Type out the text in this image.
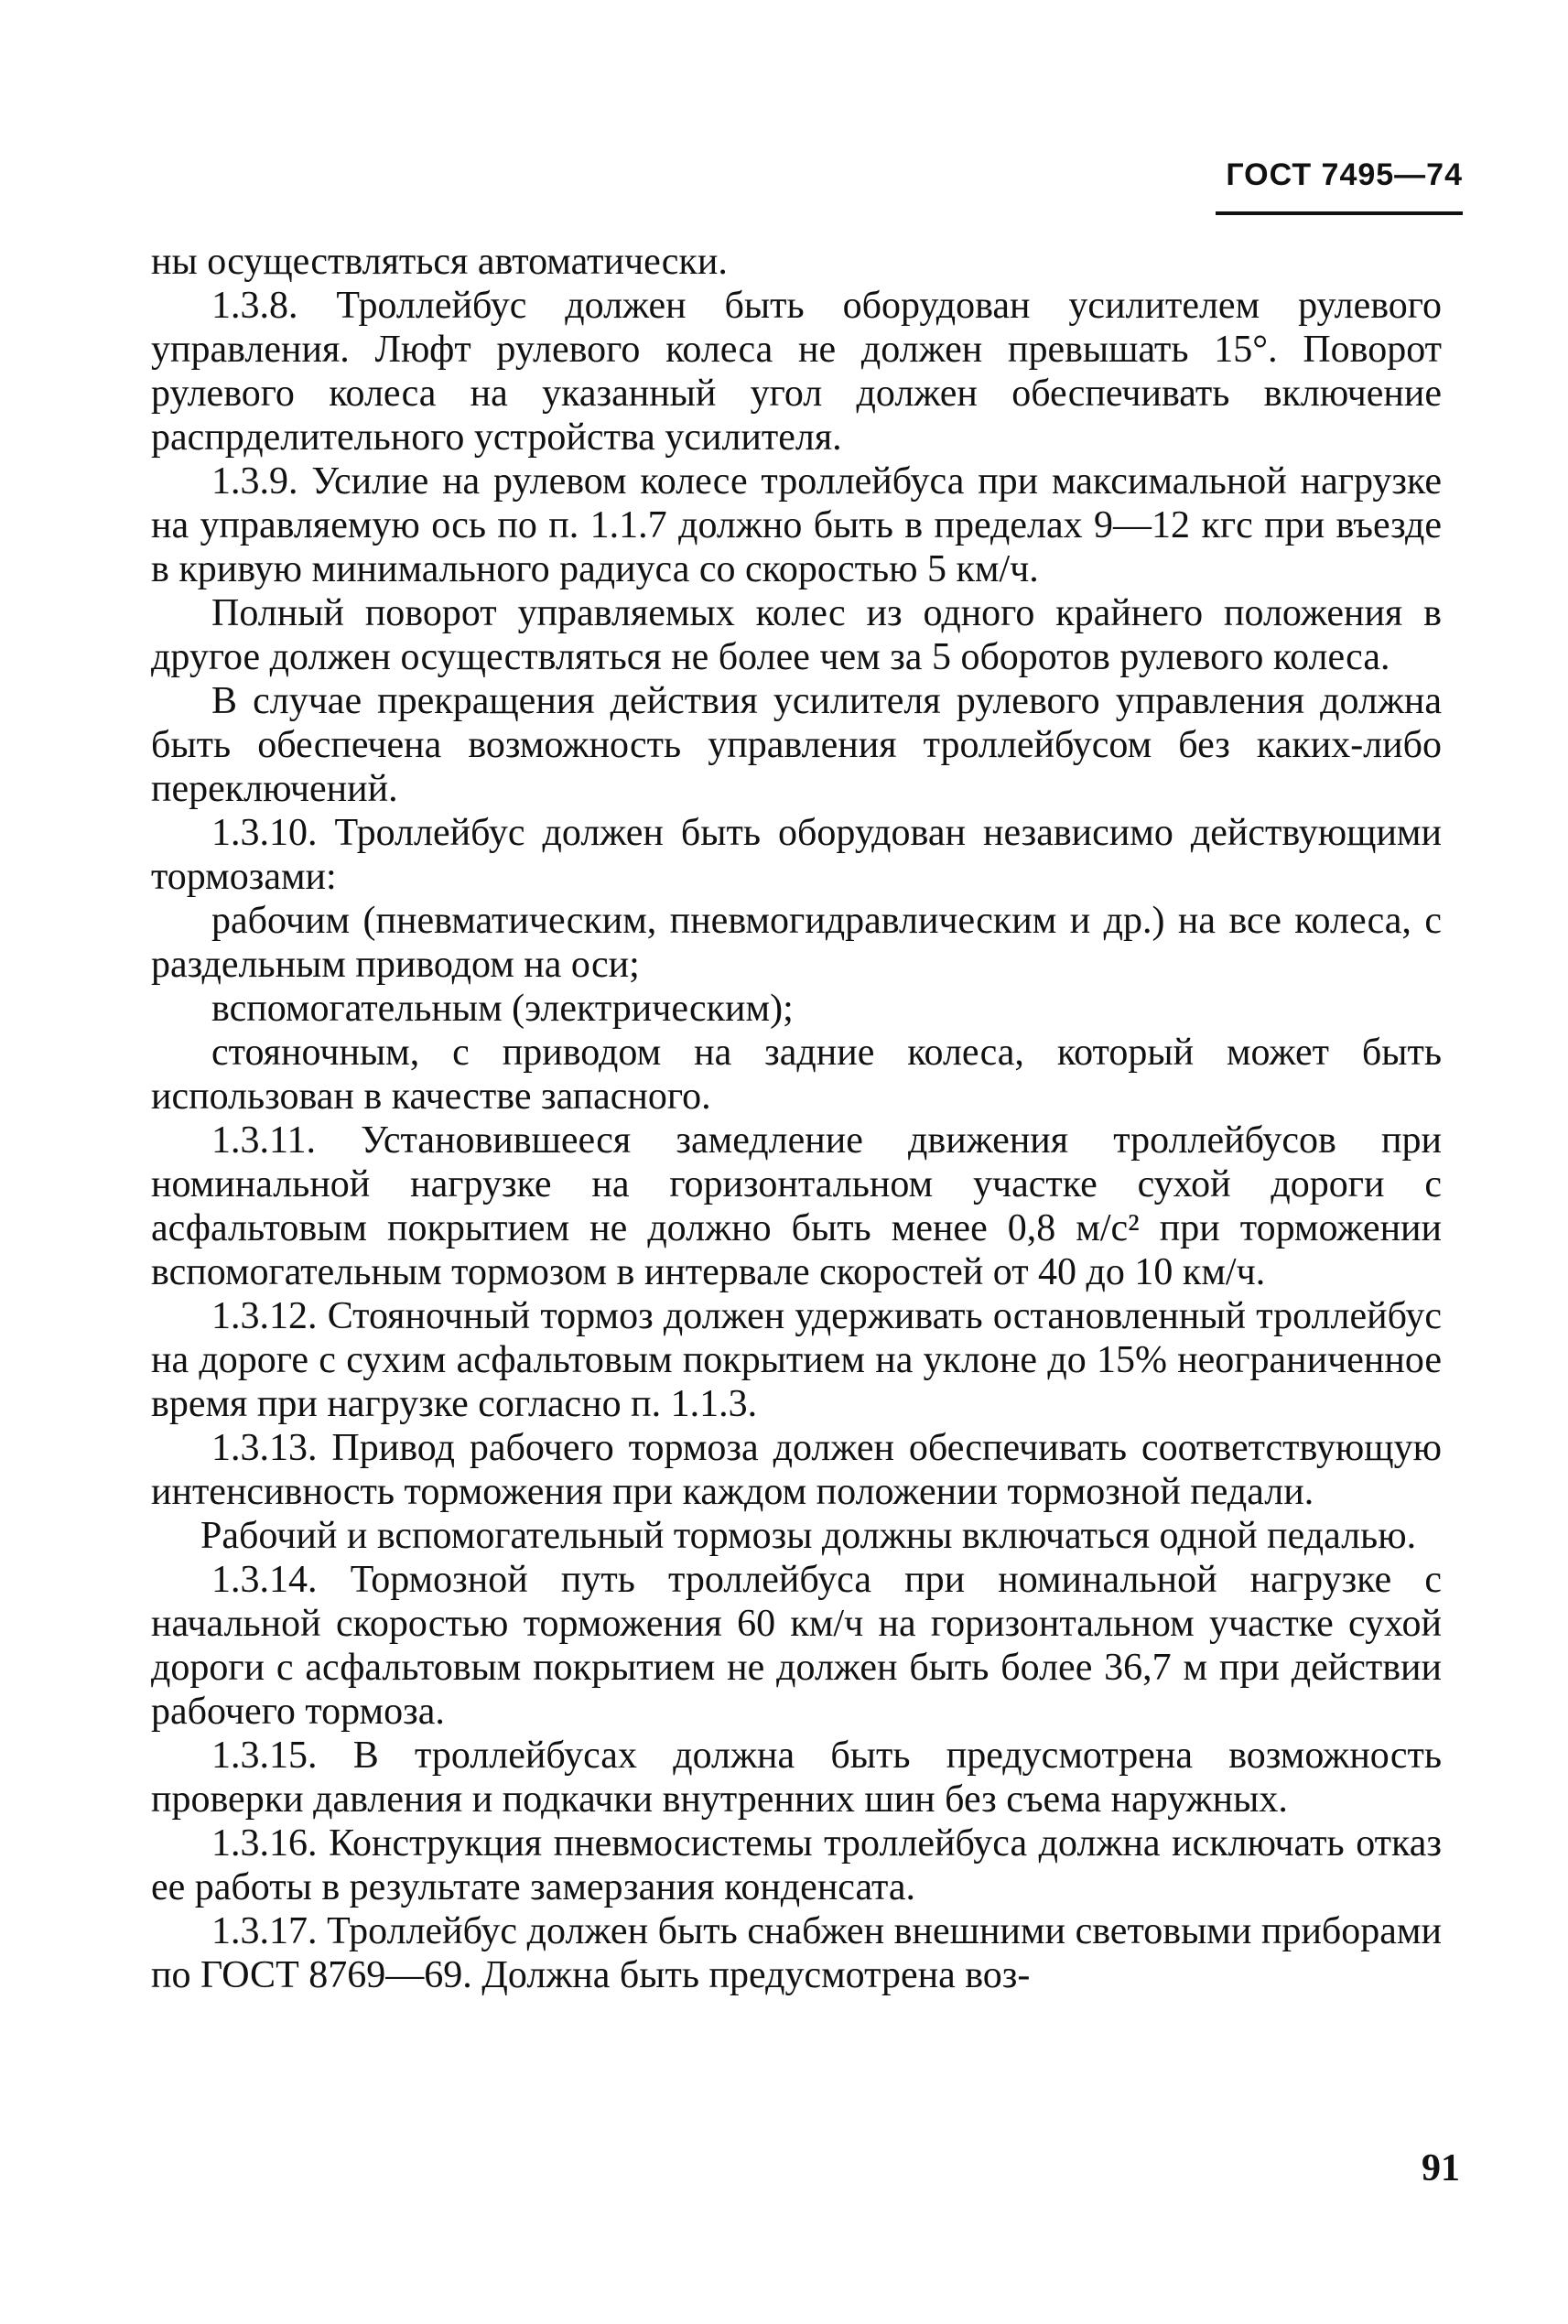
ГОСТ 7495—74

ны осуществляться автоматически.

1.3.8. Троллейбус должен быть оборудован усилителем рулевого управления. Люфт рулевого колеса не должен превышать 15°. Поворот рулевого колеса на указанный угол должен обеспечивать включение распрделительного устройства усилителя.

1.3.9. Усилие на рулевом колесе троллейбуса при максимальной нагрузке на управляемую ось по п. 1.1.7 должно быть в пределах 9—12 кгс при въезде в кривую минимального радиуса со скоростью 5 км/ч.

Полный поворот управляемых колес из одного крайнего положения в другое должен осуществляться не более чем за 5 оборотов рулевого колеса.

В случае прекращения действия усилителя рулевого управления должна быть обеспечена возможность управления троллейбусом без каких-либо переключений.

1.3.10. Троллейбус должен быть оборудован независимо действующими тормозами:

рабочим (пневматическим, пневмогидравлическим и др.) на все колеса, с раздельным приводом на оси;

вспомогательным (электрическим);

стояночным, с приводом на задние колеса, который может быть использован в качестве запасного.

1.3.11. Установившееся замедление движения троллейбусов при номинальной нагрузке на горизонтальном участке сухой дороги с асфальтовым покрытием не должно быть менее 0,8 м/с² при торможении вспомогательным тормозом в интервале скоростей от 40 до 10 км/ч.

1.3.12. Стояночный тормоз должен удерживать остановленный троллейбус на дороге с сухим асфальтовым покрытием на уклоне до 15% неограниченное время при нагрузке согласно п. 1.1.3.

1.3.13. Привод рабочего тормоза должен обеспечивать соответствующую интенсивность торможения при каждом положении тормозной педали.

Рабочий и вспомогательный тормозы должны включаться одной педалью.

1.3.14. Тормозной путь троллейбуса при номинальной нагрузке с начальной скоростью торможения 60 км/ч на горизонтальном участке сухой дороги с асфальтовым покрытием не должен быть более 36,7 м при действии рабочего тормоза.

1.3.15. В троллейбусах должна быть предусмотрена возможность проверки давления и подкачки внутренних шин без съема наружных.

1.3.16. Конструкция пневмосистемы троллейбуса должна исключать отказ ее работы в результате замерзания конденсата.

1.3.17. Троллейбус должен быть снабжен внешними световыми приборами по ГОСТ 8769—69. Должна быть предусмотрена воз-

91
